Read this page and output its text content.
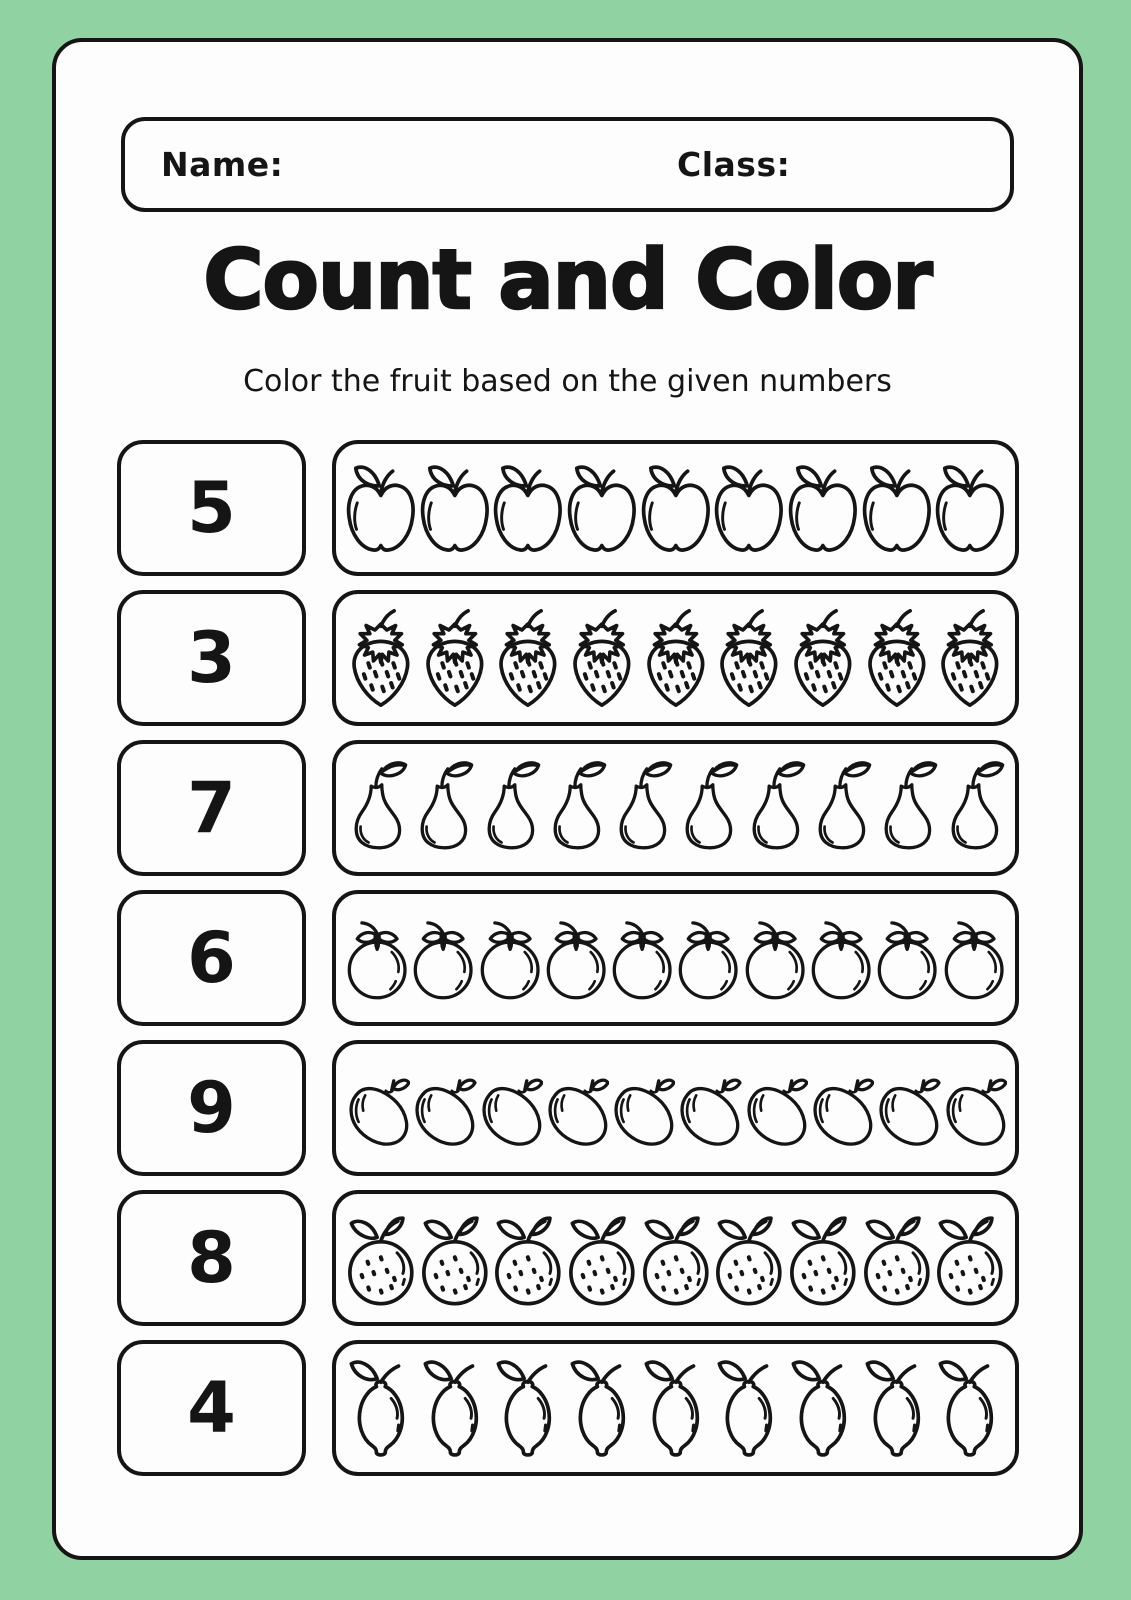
Name:	Class:
Count and Color
Color the fruit based on the given numbers
5
3
7
6
9
8
4
